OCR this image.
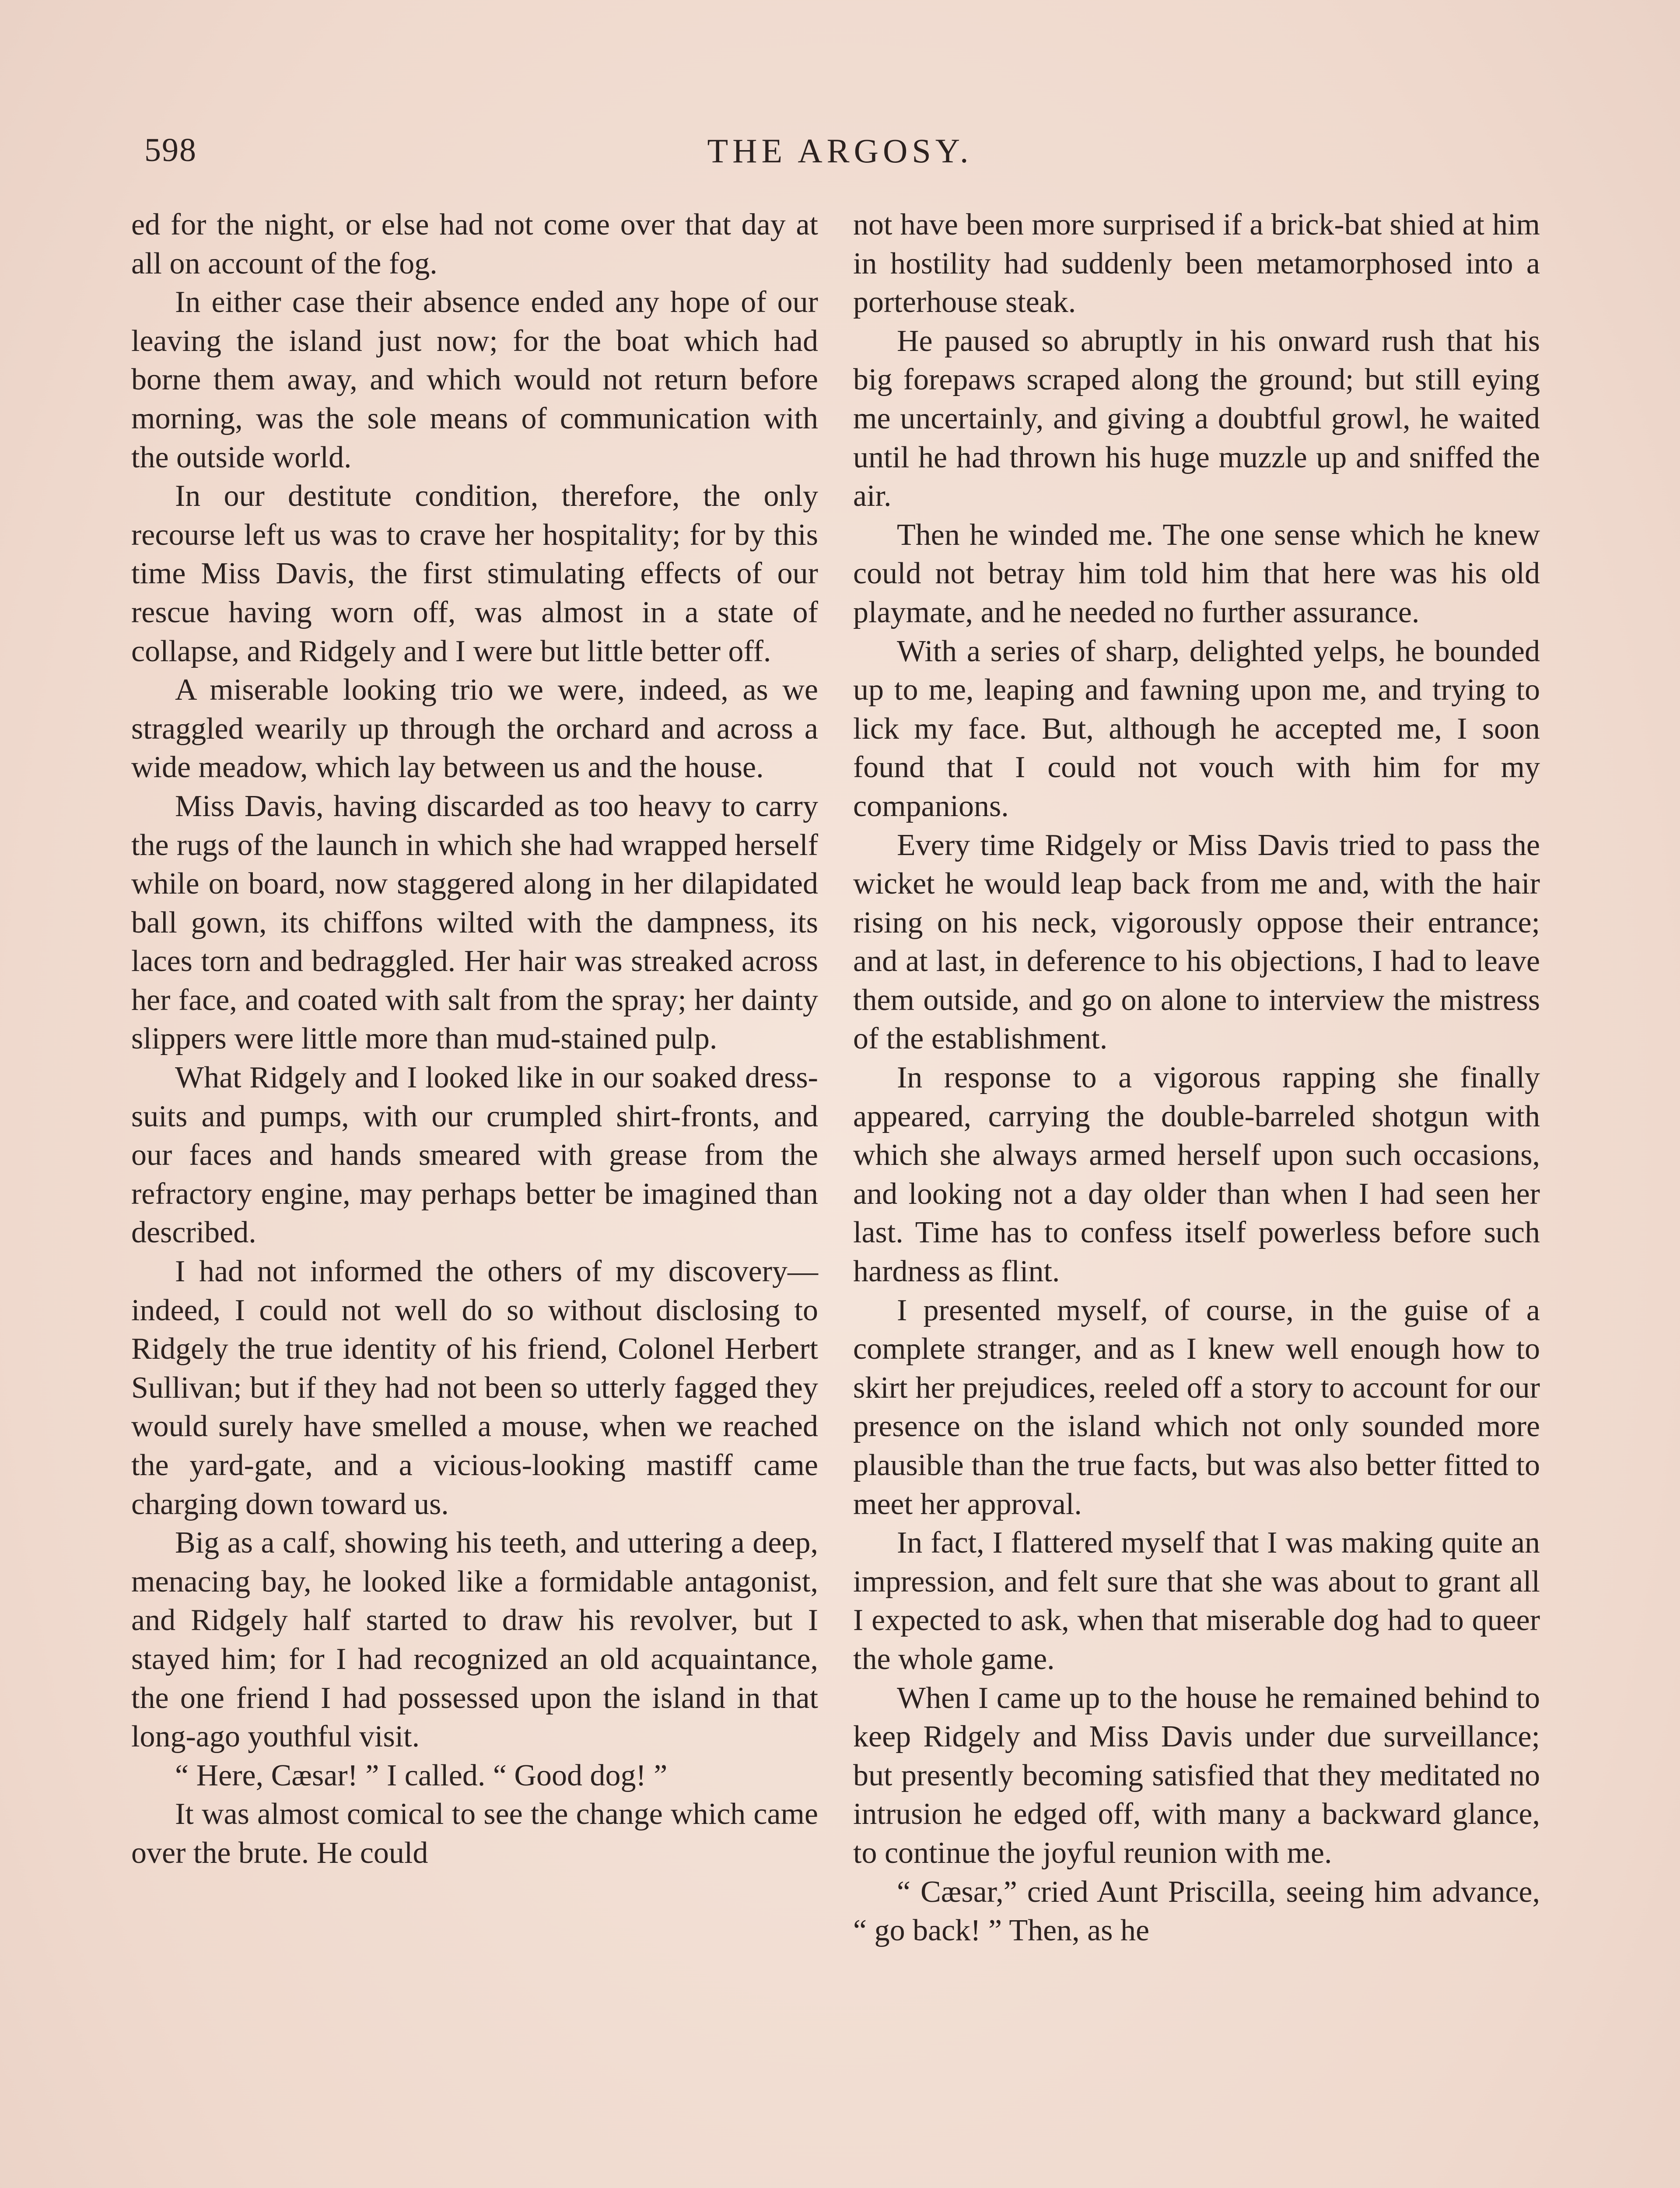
598	THE ARGOSY.

ed for the night, or else had not come over that day at all on account of the fog.

In either case their absence ended any hope of our leaving the island just now; for the boat which had borne them away, and which would not return before morning, was the sole means of communication with the outside world.

In our destitute condition, therefore, the only recourse left us was to crave her hospitality; for by this time Miss Davis, the first stimulating effects of our rescue having worn off, was almost in a state of collapse, and Ridgely and I were but little better off.

A miserable looking trio we were, indeed, as we straggled wearily up through the orchard and across a wide meadow, which lay between us and the house.

Miss Davis, having discarded as too heavy to carry the rugs of the launch in which she had wrapped herself while on board, now staggered along in her dilapidated ball gown, its chiffons wilted with the dampness, its laces torn and bedraggled. Her hair was streaked across her face, and coated with salt from the spray; her dainty slippers were little more than mud-stained pulp.

What Ridgely and I looked like in our soaked dress-suits and pumps, with our crumpled shirt-fronts, and our faces and hands smeared with grease from the refractory engine, may perhaps better be imagined than described.

I had not informed the others of my discovery—indeed, I could not well do so without disclosing to Ridgely the true identity of his friend, Colonel Herbert Sullivan; but if they had not been so utterly fagged they would surely have smelled a mouse, when we reached the yard-gate, and a vicious-looking mastiff came charging down toward us.

Big as a calf, showing his teeth, and uttering a deep, menacing bay, he looked like a formidable antagonist, and Ridgely half started to draw his revolver, but I stayed him; for I had recognized an old acquaintance, the one friend I had possessed upon the island in that long-ago youthful visit.

“ Here, Cæsar! ” I called. “ Good dog! ”

It was almost comical to see the change which came over the brute. He could

not have been more surprised if a brick-bat shied at him in hostility had suddenly been metamorphosed into a porterhouse steak.

He paused so abruptly in his onward rush that his big forepaws scraped along the ground; but still eying me uncertainly, and giving a doubtful growl, he waited until he had thrown his huge muzzle up and sniffed the air.

Then he winded me. The one sense which he knew could not betray him told him that here was his old playmate, and he needed no further assurance.

With a series of sharp, delighted yelps, he bounded up to me, leaping and fawning upon me, and trying to lick my face. But, although he accepted me, I soon found that I could not vouch with him for my companions.

Every time Ridgely or Miss Davis tried to pass the wicket he would leap back from me and, with the hair rising on his neck, vigorously oppose their entrance; and at last, in deference to his objections, I had to leave them outside, and go on alone to interview the mistress of the establishment.

In response to a vigorous rapping she finally appeared, carrying the double-barreled shotgun with which she always armed herself upon such occasions, and looking not a day older than when I had seen her last. Time has to confess itself powerless before such hardness as flint.

I presented myself, of course, in the guise of a complete stranger, and as I knew well enough how to skirt her prejudices, reeled off a story to account for our presence on the island which not only sounded more plausible than the true facts, but was also better fitted to meet her approval.

In fact, I flattered myself that I was making quite an impression, and felt sure that she was about to grant all I expected to ask, when that miserable dog had to queer the whole game.

When I came up to the house he remained behind to keep Ridgely and Miss Davis under due surveillance; but presently becoming satisfied that they meditated no intrusion he edged off, with many a backward glance, to continue the joyful reunion with me.

“ Cæsar,” cried Aunt Priscilla, seeing him advance, “ go back! ” Then, as he
